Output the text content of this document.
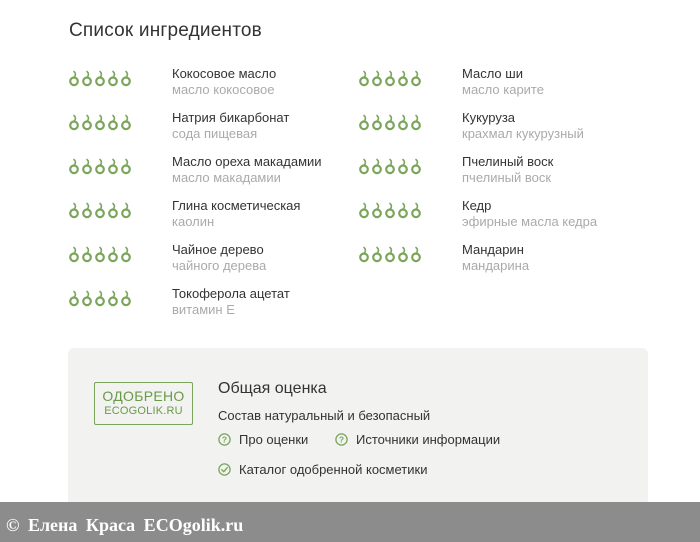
Список ингредиентов
Кокосовое масло
масло кокосовое
Масло ши
масло карите
Натрия бикарбонат
сода пищевая
Кукуруза
крахмал кукурузный
Масло ореха макадамии
масло макадамии
Пчелиный воск
пчелиный воск
Глина косметическая
каолин
Кедр
эфирные масла кедра
Чайное дерево
чайного дерева
Мандарин
мандарина
Токоферола ацетат
витамин Е
ОДОБРЕНО
ECOGOLIK.RU
Общая оценка
Состав натуральный и безопасный
? Про оценки	? Источники информации
Каталог одобренной косметики
© Елена Краса ECOgolik.ru
